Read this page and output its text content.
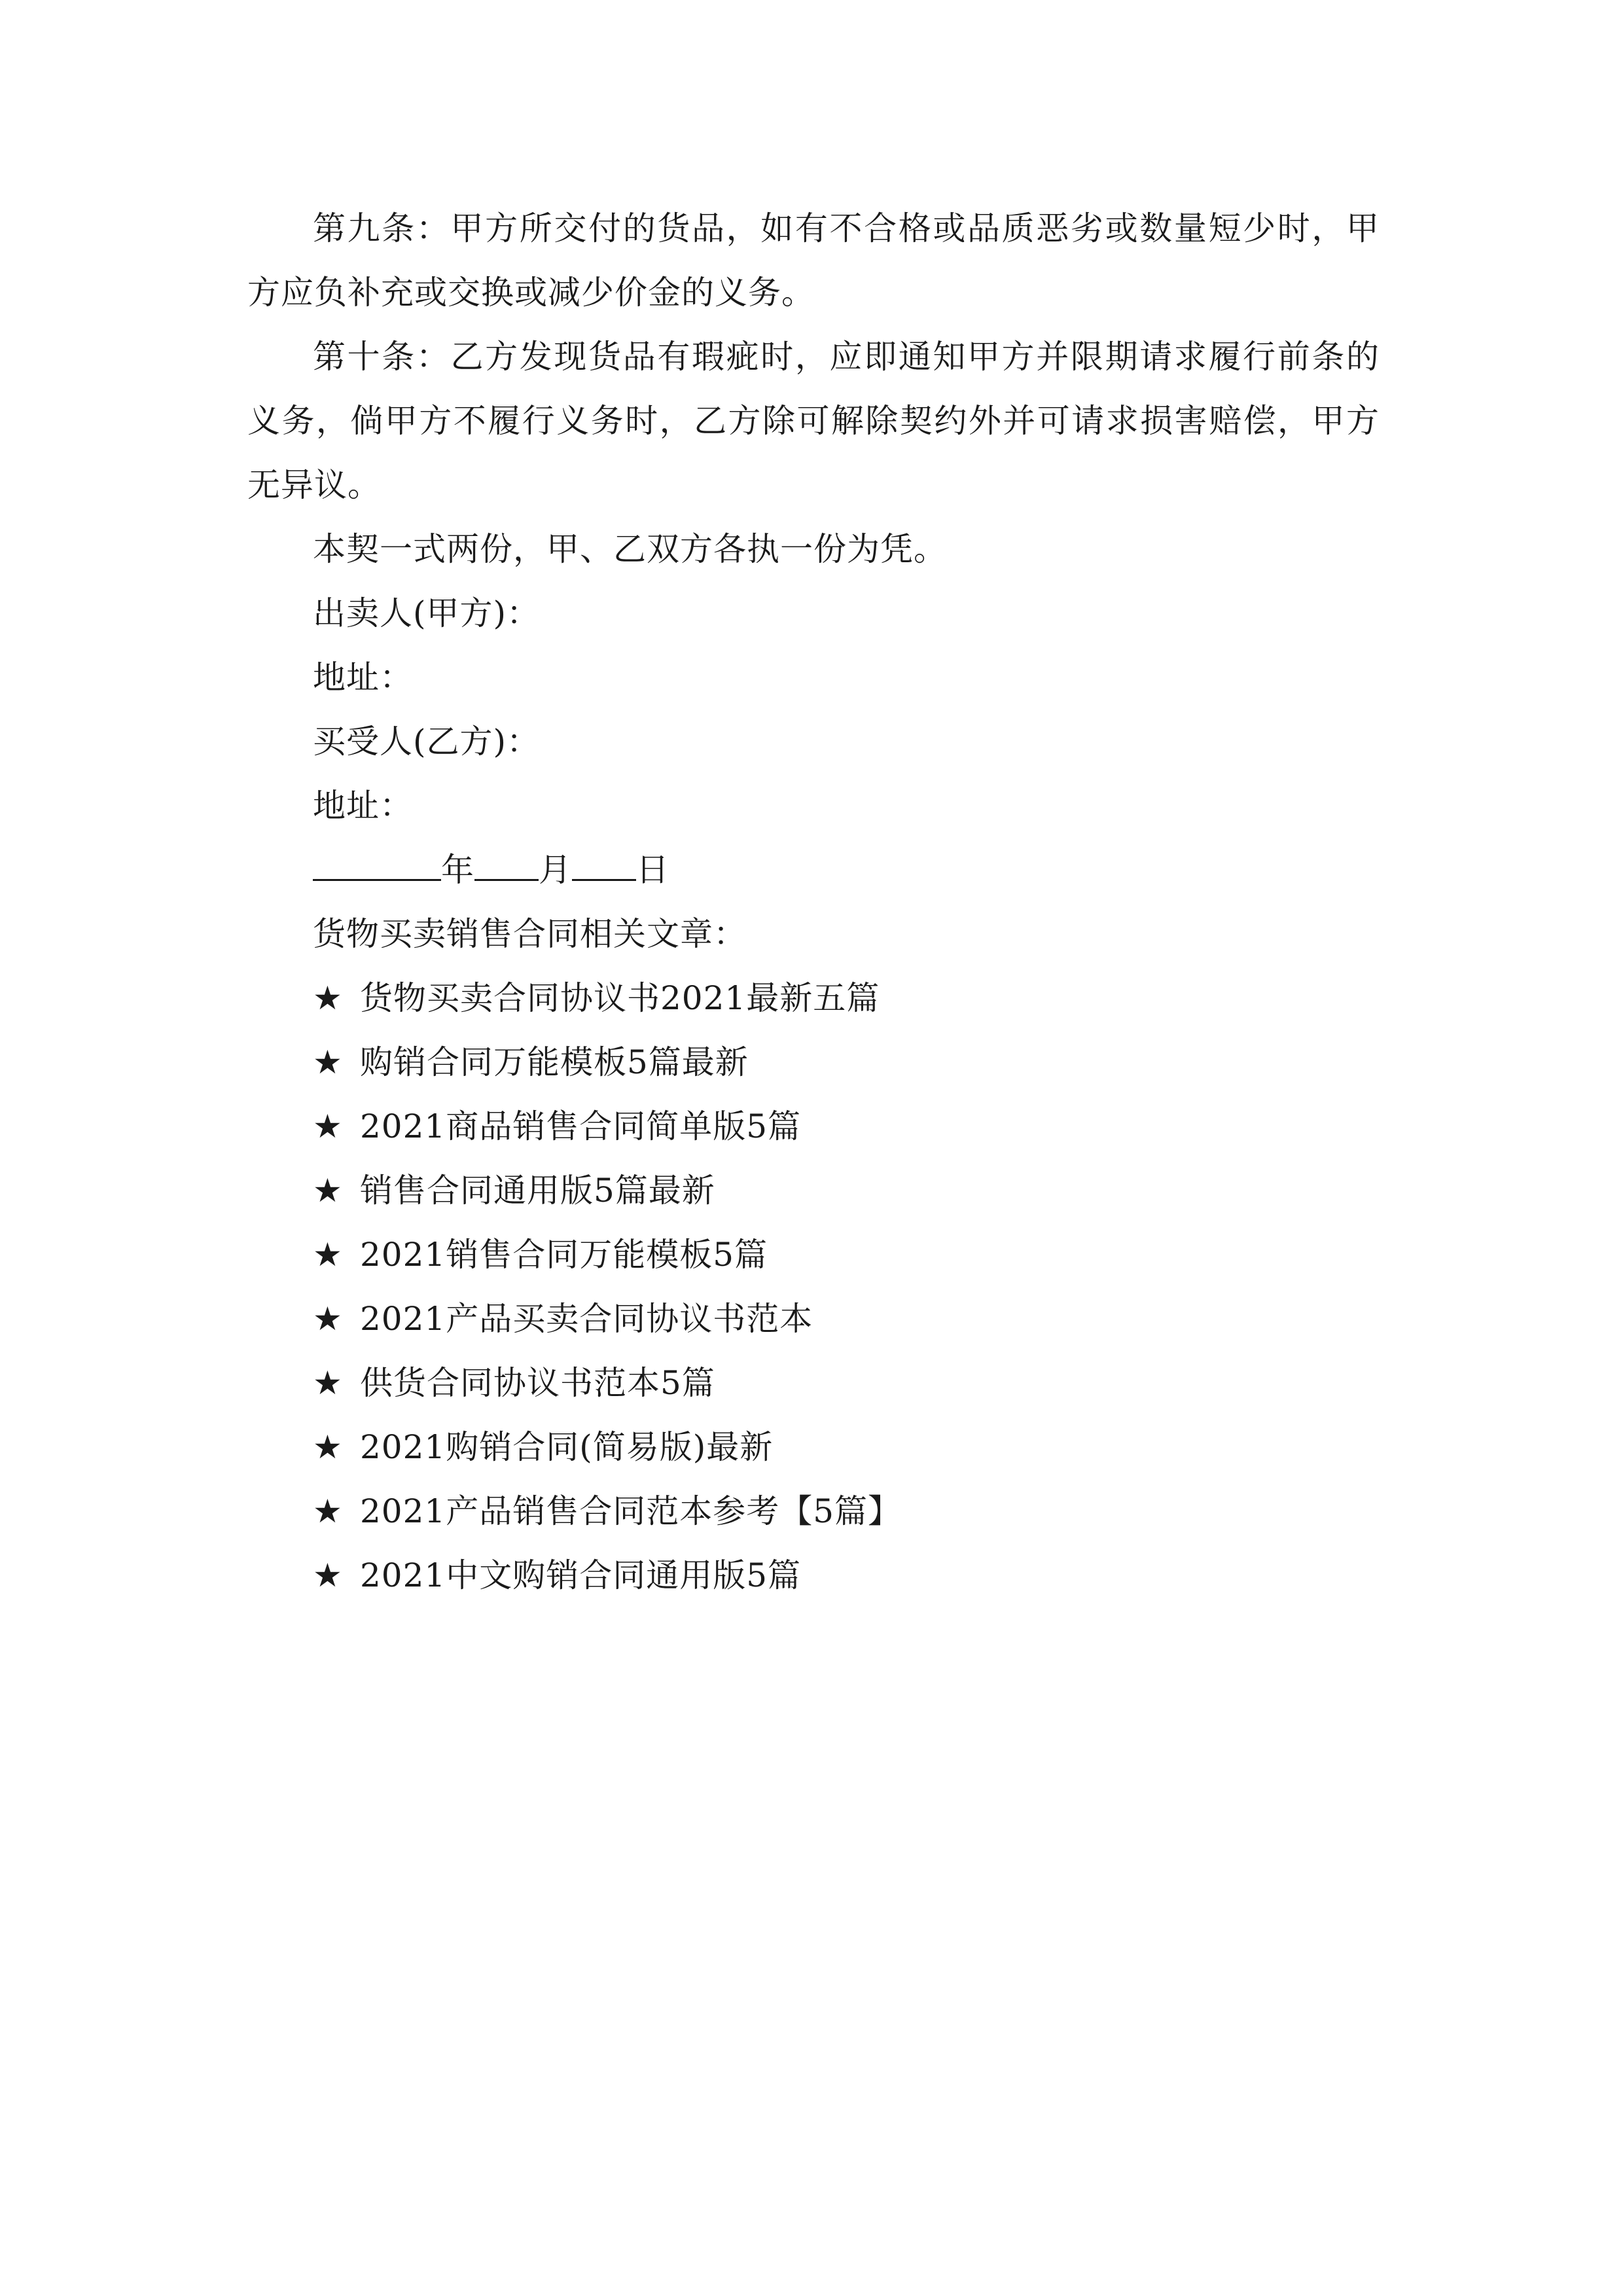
第九条：甲方所交付的货品，如有不合格或品质恶劣或数量短少时，甲方应负补充或交换或减少价金的义务。

第十条：乙方发现货品有瑕疵时，应即通知甲方并限期请求履行前条的义务，倘甲方不履行义务时，乙方除可解除契约外并可请求损害赔偿，甲方无异议。

本契一式两份，甲、乙双方各执一份为凭。

出卖人(甲方)：

地址：

买受人(乙方)：

地址：

年 月 日

货物买卖销售合同相关文章：

★ 货物买卖合同协议书2021最新五篇

★ 购销合同万能模板5篇最新

★ 2021商品销售合同简单版5篇

★ 销售合同通用版5篇最新

★ 2021销售合同万能模板5篇

★ 2021产品买卖合同协议书范本

★ 供货合同协议书范本5篇

★ 2021购销合同(简易版)最新

★ 2021产品销售合同范本参考【5篇】

★ 2021中文购销合同通用版5篇
